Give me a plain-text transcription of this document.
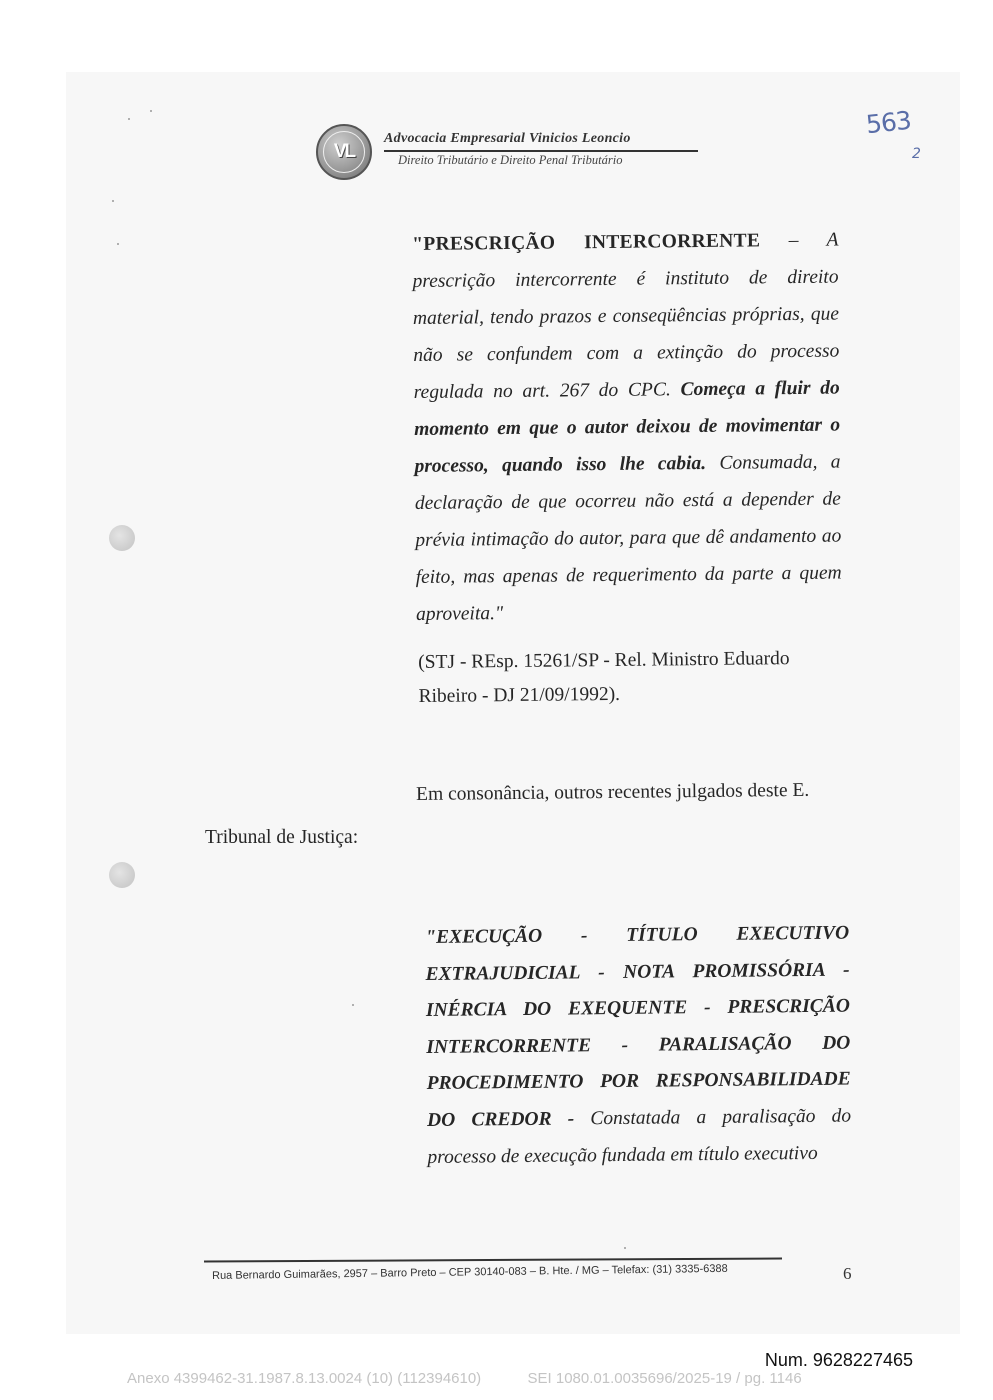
VL
Advocacia Empresarial Vinicios Leoncio
Direito Tributário e Direito Penal Tributário
563
2
"PRESCRIÇÃO INTERCORRENTE – A prescrição intercorrente é instituto de direito material, tendo prazos e conseqüências próprias, que não se confundem com a extinção do processo regulada no art. 267 do CPC. Começa a fluir do momento em que o autor deixou de movimentar o processo, quando isso lhe cabia. Consumada, a declaração de que ocorreu não está a depender de prévia intimação do autor, para que dê andamento ao feito, mas apenas de requerimento da parte a quem aproveita."
(STJ - REsp. 15261/SP - Rel. Ministro Eduardo Ribeiro - DJ 21/09/1992).
Em consonância, outros recentes julgados deste E.
Tribunal de Justiça:
"EXECUÇÃO - TÍTULO EXECUTIVO EXTRAJUDICIAL - NOTA PROMISSÓRIA - INÉRCIA DO EXEQUENTE - PRESCRIÇÃO INTERCORRENTE - PARALISAÇÃO DO PROCEDIMENTO POR RESPONSABILIDADE DO CREDOR - Constatada a paralisação do processo de execução fundada em título executivo
Rua Bernardo Guimarães, 2957 – Barro Preto – CEP 30140-083 – B. Hte. / MG – Telefax: (31) 3335-6388	6
Num. 9628227465
Anexo 4399462-31.1987.8.13.0024 (10) (112394610)	SEI 1080.01.0035696/2025-19 / pg. 1146
